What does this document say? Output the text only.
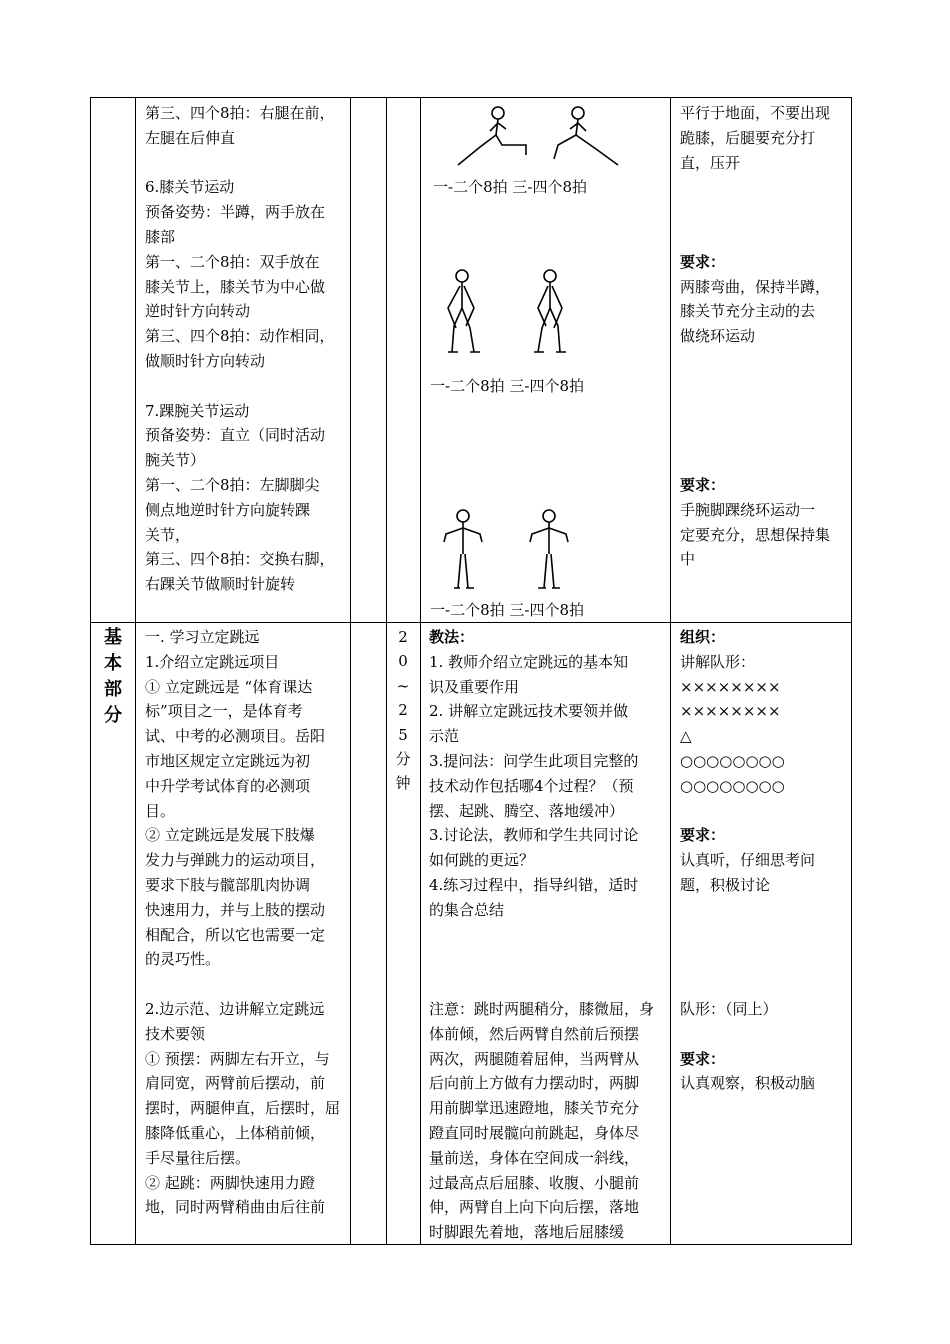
第三、四个8拍：右腿在前，

左腿在后伸直

6.膝关节运动

预备姿势：半蹲，两手放在

膝部

第一、二个8拍：双手放在

膝关节上，膝关节为中心做

逆时针方向转动

第三、四个8拍：动作相同，

做顺时针方向转动

7.踝腕关节运动

预备姿势：直立（同时活动

腕关节）

第一、二个8拍：左脚脚尖

侧点地逆时针方向旋转踝

关节，

第三、四个8拍：交换右脚，

右踝关节做顺时针旋转

一-二个8拍 三-四个8拍
一-二个8拍 三-四个8拍
一-二个8拍 三-四个8拍

平行于地面，不要出现

跪膝，后腿要充分打

直，压开

要求：

两膝弯曲，保持半蹲，

膝关节充分主动的去

做绕环运动

要求：

手腕脚踝绕环运动一

定要充分，思想保持集

中

基
本
部
分

一. 学习立定跳远

1.介绍立定跳远项目

① 立定跳远是 “体育课达

标”项目之一，是体育考

试、中考的必测项目。岳阳

市地区规定立定跳远为初

中升学考试体育的必测项

目。

② 立定跳远是发展下肢爆

发力与弹跳力的运动项目，

要求下肢与髋部肌肉协调

快速用力，并与上肢的摆动

相配合，所以它也需要一定

的灵巧性。

2.边示范、边讲解立定跳远

技术要领

① 预摆：两脚左右开立，与

肩同宽，两臂前后摆动，前

摆时，两腿伸直，后摆时，屈

膝降低重心，上体稍前倾，

手尽量往后摆。

② 起跳：两脚快速用力蹬

地，同时两臂稍曲由后往前

2
0
~
2
5
分
钟

教法：

1. 教师介绍立定跳远的基本知

识及重要作用

2. 讲解立定跳远技术要领并做

示范

3.提问法：问学生此项目完整的

技术动作包括哪4个过程？（预

摆、起跳、腾空、落地缓冲）

3.讨论法，教师和学生共同讨论

如何跳的更远？

4.练习过程中，指导纠错，适时

的集合总结

注意：跳时两腿稍分，膝微屈，身

体前倾，然后两臂自然前后预摆

两次，两腿随着屈伸，当两臂从

后向前上方做有力摆动时，两脚

用前脚掌迅速蹬地，膝关节充分

蹬直同时展髋向前跳起，身体尽

量前送，身体在空间成一斜线，

过最高点后屈膝、收腹、小腿前

伸，两臂自上向下向后摆，落地

时脚跟先着地，落地后屈膝缓

组织：

讲解队形：

××××××××

××××××××

△

○○○○○○○○

○○○○○○○○

要求：

认真听，仔细思考问

题，积极讨论

队形：（同上）

要求：

认真观察，积极动脑
